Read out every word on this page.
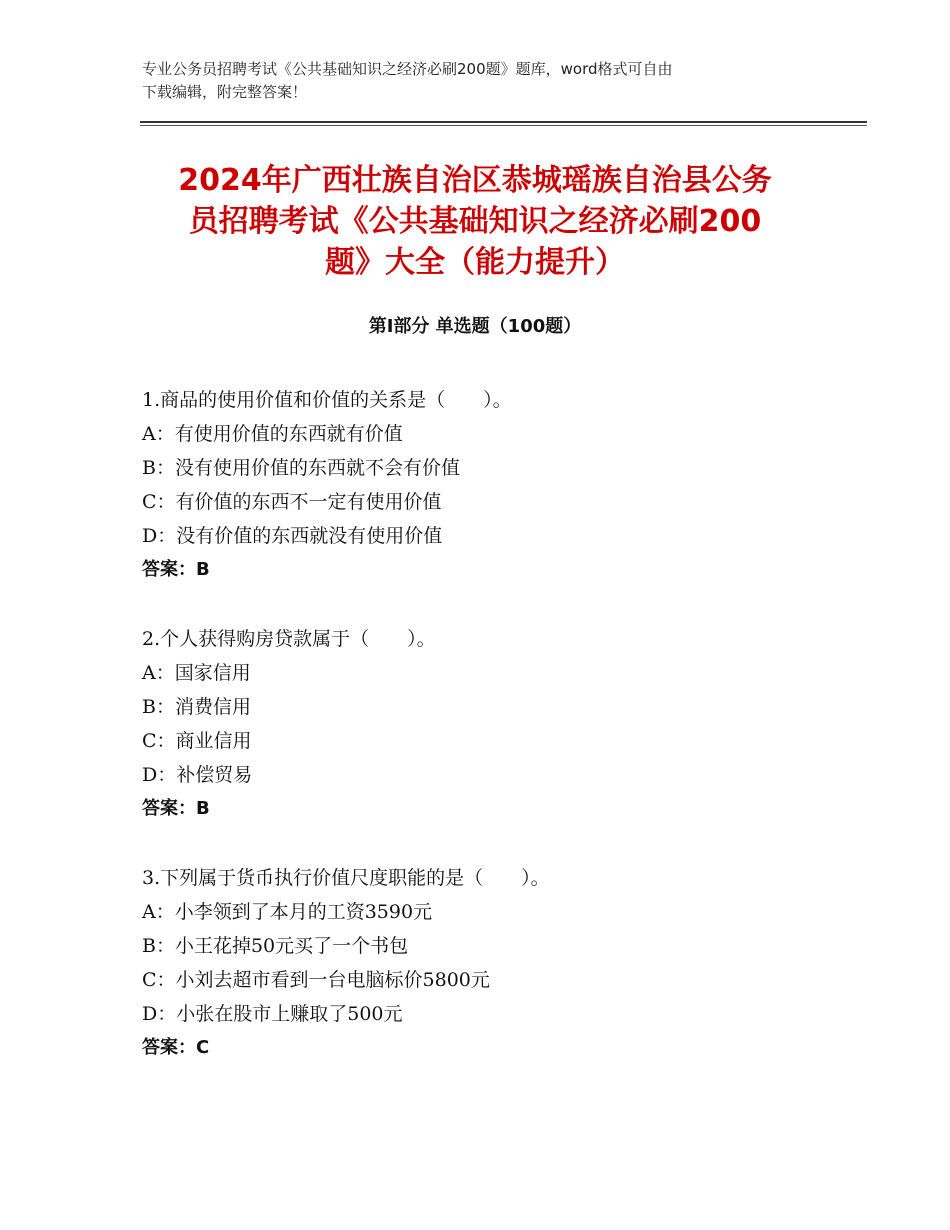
专业公务员招聘考试《公共基础知识之经济必刷200题》题库，word格式可自由
下载编辑，附完整答案！
2024年广西壮族自治区恭城瑶族自治县公务
员招聘考试《公共基础知识之经济必刷200
题》大全（能力提升）
第Ⅰ部分 单选题（100题）
1.商品的使用价值和价值的关系是（　　）。
A：有使用价值的东西就有价值
B：没有使用价值的东西就不会有价值
C：有价值的东西不一定有使用价值
D：没有价值的东西就没有使用价值
答案：B
2.个人获得购房贷款属于（　　）。
A：国家信用
B：消费信用
C：商业信用
D：补偿贸易
答案：B
3.下列属于货币执行价值尺度职能的是（　　）。
A：小李领到了本月的工资3590元
B：小王花掉50元买了一个书包
C：小刘去超市看到一台电脑标价5800元
D：小张在股市上赚取了500元
答案：C
